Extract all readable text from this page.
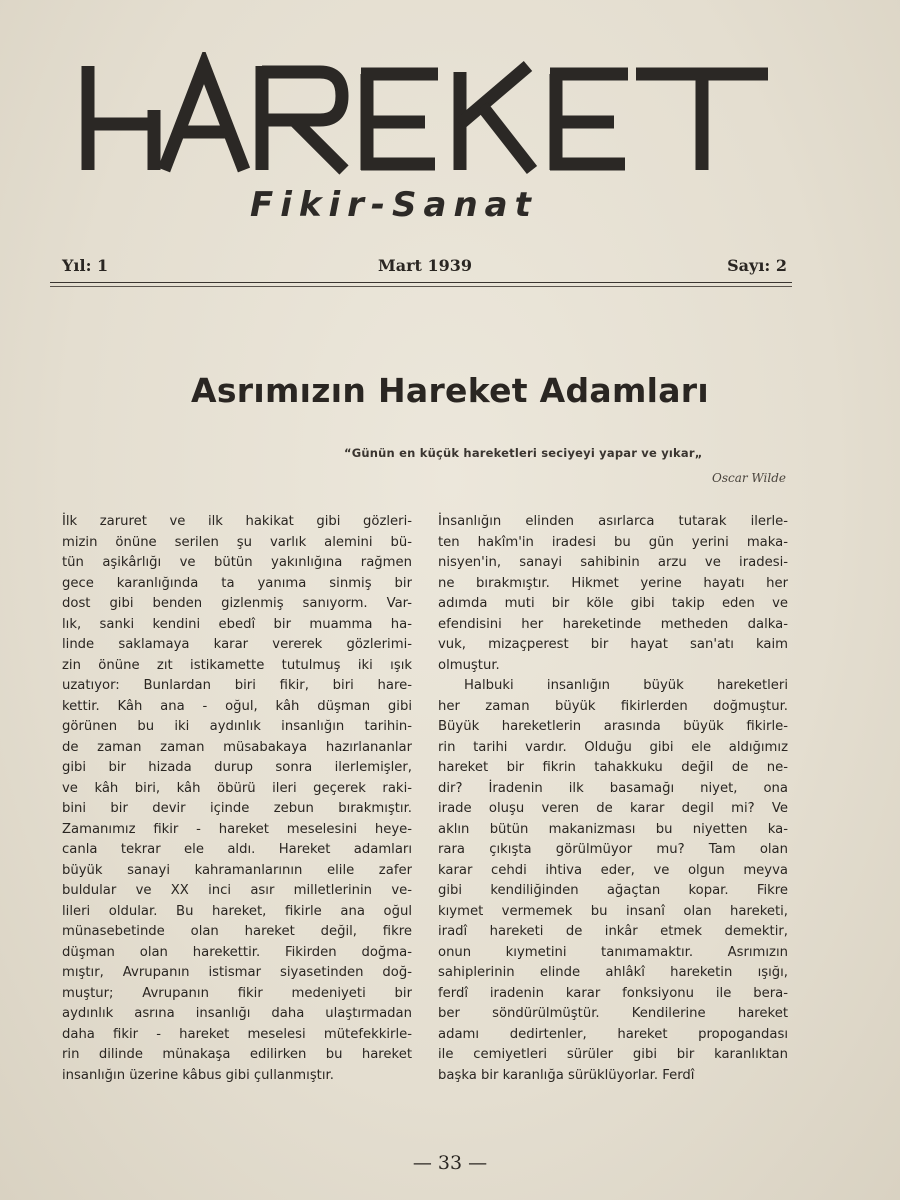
Fikir-Sanat
Yıl: 1	Mart 1939	Sayı: 2
Asrımızın Hareket Adamları
“Günün en küçük hareketleri seciyeyi yapar ve yıkar„
Oscar Wilde
İlk zaruret ve ilk hakikat gibi gözleri-
mizin önüne serilen şu varlık alemini bü-
tün aşikârlığı ve bütün yakınlığına rağmen
gece karanlığında ta yanıma sinmiş bir
dost gibi benden gizlenmiş sanıyorm. Var-
lık, sanki kendini ebedî bir muamma ha-
linde saklamaya karar vererek gözlerimi-
zin önüne zıt istikamette tutulmuş iki ışık
uzatıyor: Bunlardan biri fikir, biri hare-
kettir. Kâh ana - oğul, kâh düşman gibi
görünen bu iki aydınlık insanlığın tarihin-
de zaman zaman müsabakaya hazırlananlar
gibi bir hizada durup sonra ilerlemişler,
ve kâh biri, kâh öbürü ileri geçerek raki-
bini bir devir içinde zebun bırakmıştır.
Zamanımız fikir - hareket meselesini heye-
canla tekrar ele aldı. Hareket adamları
büyük sanayi kahramanlarının elile zafer
buldular ve XX inci asır milletlerinin ve-
lileri oldular. Bu hareket, fikirle ana oğul
münasebetinde olan hareket değil, fikre
düşman olan harekettir. Fikirden doğma-
mıştır, Avrupanın istismar siyasetinden doğ-
muştur; Avrupanın fikir medeniyeti bir
aydınlık asrına insanlığı daha ulaştırmadan
daha fikir - hareket meselesi mütefekkirle-
rin dilinde münakaşa edilirken bu hareket
insanlığın üzerine kâbus gibi çullanmıştır.
İnsanlığın elinden asırlarca tutarak ilerle-
ten hakîm'in iradesi bu gün yerini maka-
nisyen'in, sanayi sahibinin arzu ve iradesi-
ne bırakmıştır. Hikmet yerine hayatı her
adımda muti bir köle gibi takip eden ve
efendisini her hareketinde metheden dalka-
vuk, mizaçperest bir hayat san'atı kaim
olmuştur.
Halbuki insanlığın büyük hareketleri
her zaman büyük fikirlerden doğmuştur.
Büyük hareketlerin arasında büyük fikirle-
rin tarihi vardır. Olduğu gibi ele aldığımız
hareket bir fikrin tahakkuku değil de ne-
dir? İradenin ilk basamağı niyet, ona
irade oluşu veren de karar degil mi? Ve
aklın bütün makanizması bu niyetten ka-
rara çıkışta görülmüyor mu? Tam olan
karar cehdi ihtiva eder, ve olgun meyva
gibi kendiliğinden ağaçtan kopar. Fikre
kıymet vermemek bu insanî olan hareketi,
iradî hareketi de inkâr etmek demektir,
onun kıymetini tanımamaktır. Asrımızın
sahiplerinin elinde ahlâkî hareketin ışığı,
ferdî iradenin karar fonksiyonu ile bera-
ber söndürülmüştür. Kendilerine hareket
adamı dedirtenler, hareket propogandası
ile cemiyetleri sürüler gibi bir karanlıktan
başka bir karanlığa sürüklüyorlar. Ferdî
— 33 —
